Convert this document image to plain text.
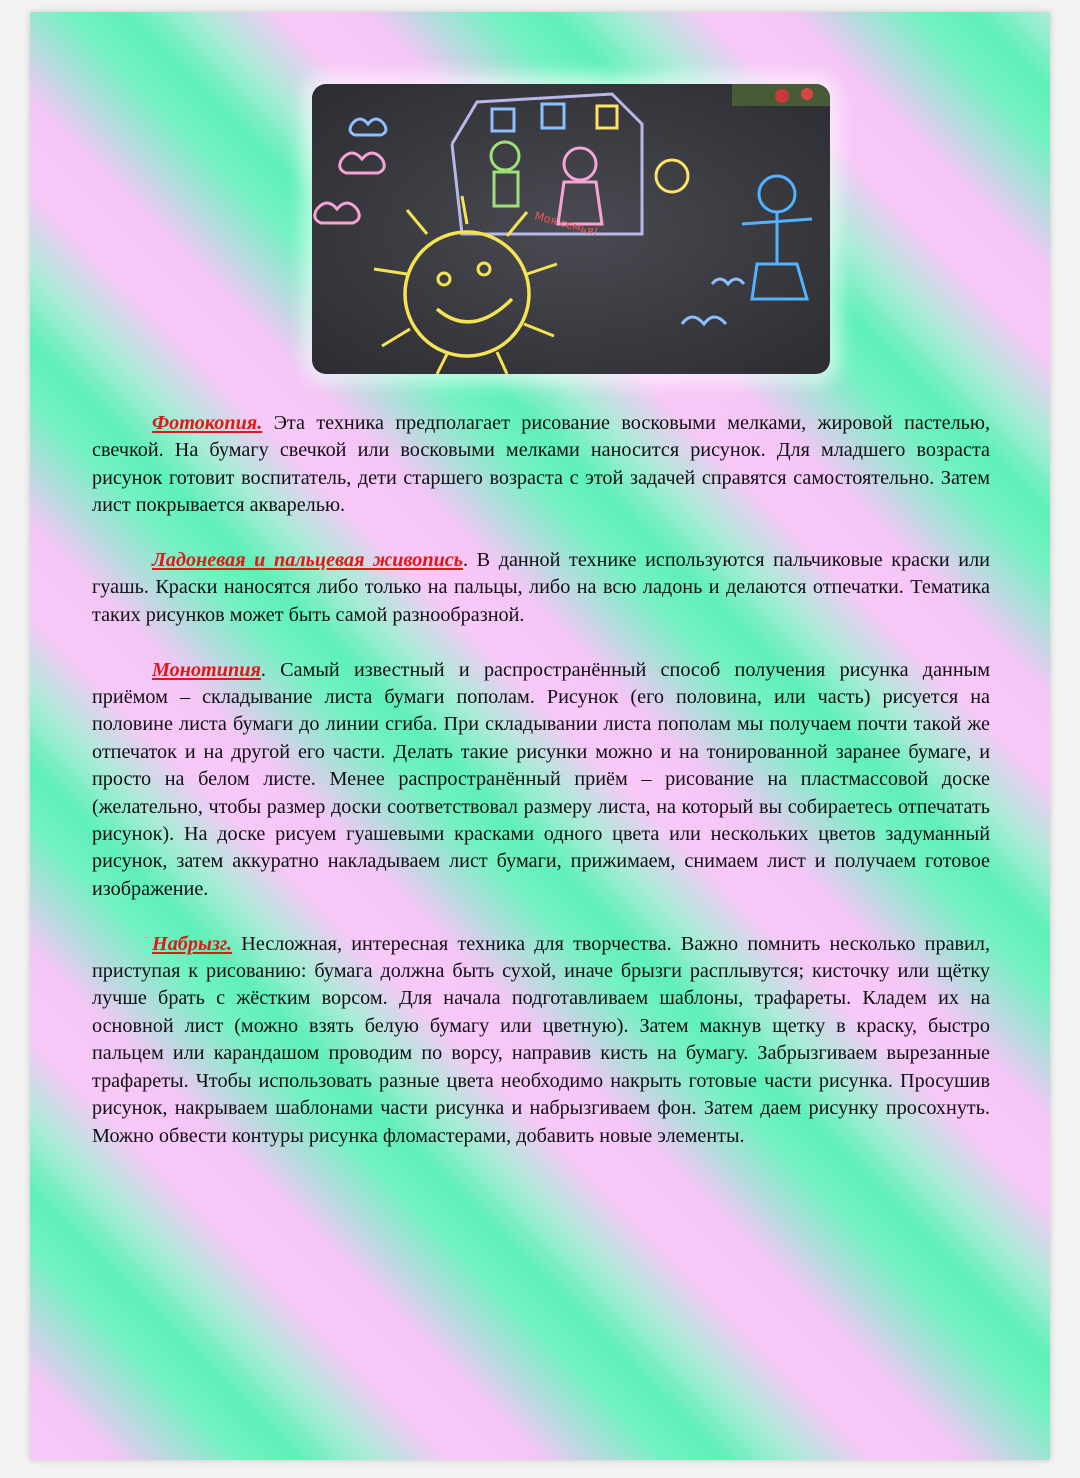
Моя семья!

Фотокопия. Эта техника предполагает рисование восковыми мелками, жировой пастелью, свечкой. На бумагу свечкой или восковыми мелками наносится рисунок. Для младшего возраста рисунок готовит воспитатель, дети старшего возраста с этой задачей справятся самостоятельно. Затем лист покрывается акварелью.

Ладоневая и пальцевая живопись. В данной технике используются пальчиковые краски или гуашь. Краски наносятся либо только на пальцы, либо на всю ладонь и делаются отпечатки. Тематика таких рисунков может быть самой разнообразной.

Монотипия. Самый известный и распространённый способ получения рисунка данным приёмом – складывание листа бумаги пополам. Рисунок (его половина, или часть) рисуется на половине листа бумаги до линии сгиба. При складывании листа пополам мы получаем почти такой же отпечаток и на другой его части. Делать такие рисунки можно и на тонированной заранее бумаге, и просто на белом листе. Менее распространённый приём – рисование на пластмассовой доске (желательно, чтобы размер доски соответствовал размеру листа, на который вы собираетесь отпечатать рисунок). На доске рисуем гуашевыми красками одного цвета или нескольких цветов задуманный рисунок, затем аккуратно накладываем лист бумаги, прижимаем, снимаем лист и получаем готовое изображение.

Набрызг. Несложная, интересная техника для творчества. Важно помнить несколько правил, приступая к рисованию: бумага должна быть сухой, иначе брызги расплывутся; кисточку или щётку лучше брать с жёстким ворсом. Для начала подготавливаем шаблоны, трафареты. Кладем их на основной лист (можно взять белую бумагу или цветную). Затем макнув щетку в краску, быстро пальцем или карандашом проводим по ворсу, направив кисть на бумагу. Забрызгиваем вырезанные трафареты. Чтобы использовать разные цвета необходимо накрыть готовые части рисунка. Просушив рисунок, накрываем шаблонами части рисунка и набрызгиваем фон. Затем даем рисунку просохнуть. Можно обвести контуры рисунка фломастерами, добавить новые элементы.
